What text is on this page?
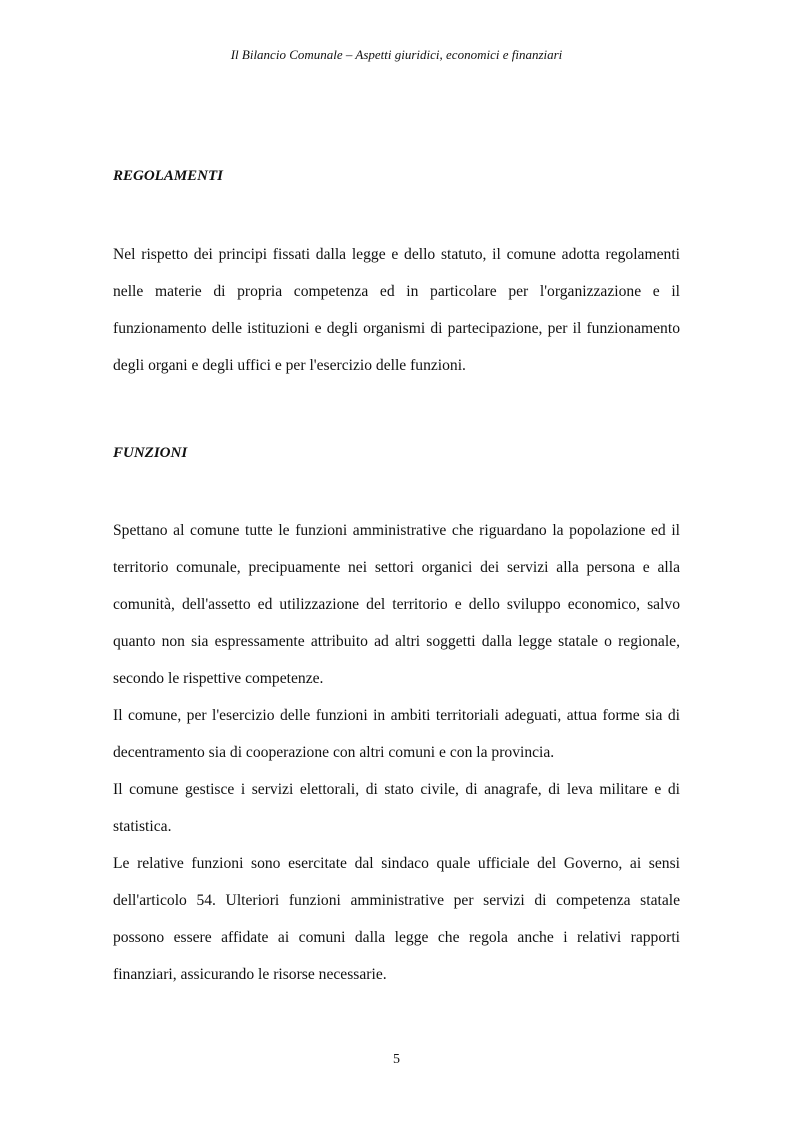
Il Bilancio Comunale – Aspetti giuridici, economici e finanziari
REGOLAMENTI

Nel rispetto dei principi fissati dalla legge e dello statuto, il comune adotta regolamenti nelle materie di propria competenza ed in particolare per l'organizzazione e il funzionamento delle istituzioni e degli organismi di partecipazione, per il funzionamento degli organi e degli uffici e per l'esercizio delle funzioni.

FUNZIONI

Spettano al comune tutte le funzioni amministrative che riguardano la popolazione ed il territorio comunale, precipuamente nei settori organici dei servizi alla persona e alla comunità, dell'assetto ed utilizzazione del territorio e dello sviluppo economico, salvo quanto non sia espressamente attribuito ad altri soggetti dalla legge statale o regionale, secondo le rispettive competenze.

Il comune, per l'esercizio delle funzioni in ambiti territoriali adeguati, attua forme sia di decentramento sia di cooperazione con altri comuni e con la provincia.

Il comune gestisce i servizi elettorali, di stato civile, di anagrafe, di leva militare e di statistica.

Le relative funzioni sono esercitate dal sindaco quale ufficiale del Governo, ai sensi dell'articolo 54. Ulteriori funzioni amministrative per servizi di competenza statale possono essere affidate ai comuni dalla legge che regola anche i relativi rapporti finanziari, assicurando le risorse necessarie.

5
